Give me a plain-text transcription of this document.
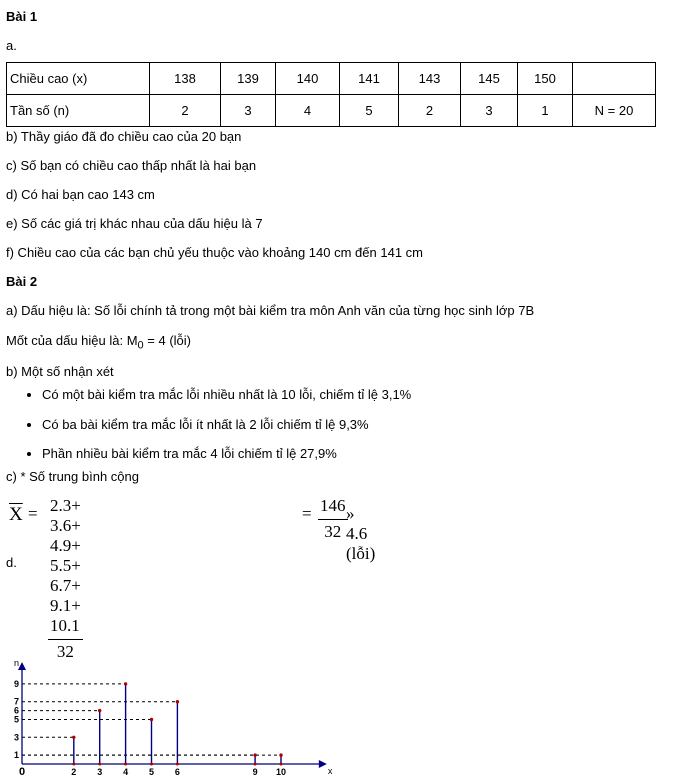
Bài 1
a.
Chiều cao (x)	138	139	140	141	143	145	150	
Tần số (n)	2	3	4	5	2	3	1	N = 20
b) Thầy giáo đã đo chiều cao của 20 bạn
c) Số bạn có chiều cao thấp nhất là hai bạn
d) Có hai bạn cao 143 cm
e) Số các giá trị khác nhau của dấu hiệu là 7
f) Chiều cao của các bạn chủ yếu thuộc vào khoảng 140 cm đến 141 cm
Bài 2
a) Dấu hiệu là: Số lỗi chính tả trong một bài kiểm tra môn Anh văn của từng học sinh lớp 7B
Mốt của dấu hiệu là: $M_0 = 4$ (lỗi)
b) Một số nhận xét
• Có một bài kiểm tra mắc lỗi nhiều nhất là 10 lỗi, chiếm tỉ lệ 3,1%
• Có ba bài kiểm tra mắc lỗi ít nhất là 2 lỗi chiếm tỉ lệ 9,3%
• Phần nhiều bài kiểm tra mắc 4 lỗi chiếm tỉ lệ 27,9%
c) * Số trung bình cộng
$\overline{X} = 2.3+ 3.6+ 4.9+ 5.5+ 6.7+ 9.1+ 10.1$
32
= 146
32
» 4.6 (lỗi)
d.
0	2 3 4 5 6	9 10
1
3
5
6
7
9
x
n
